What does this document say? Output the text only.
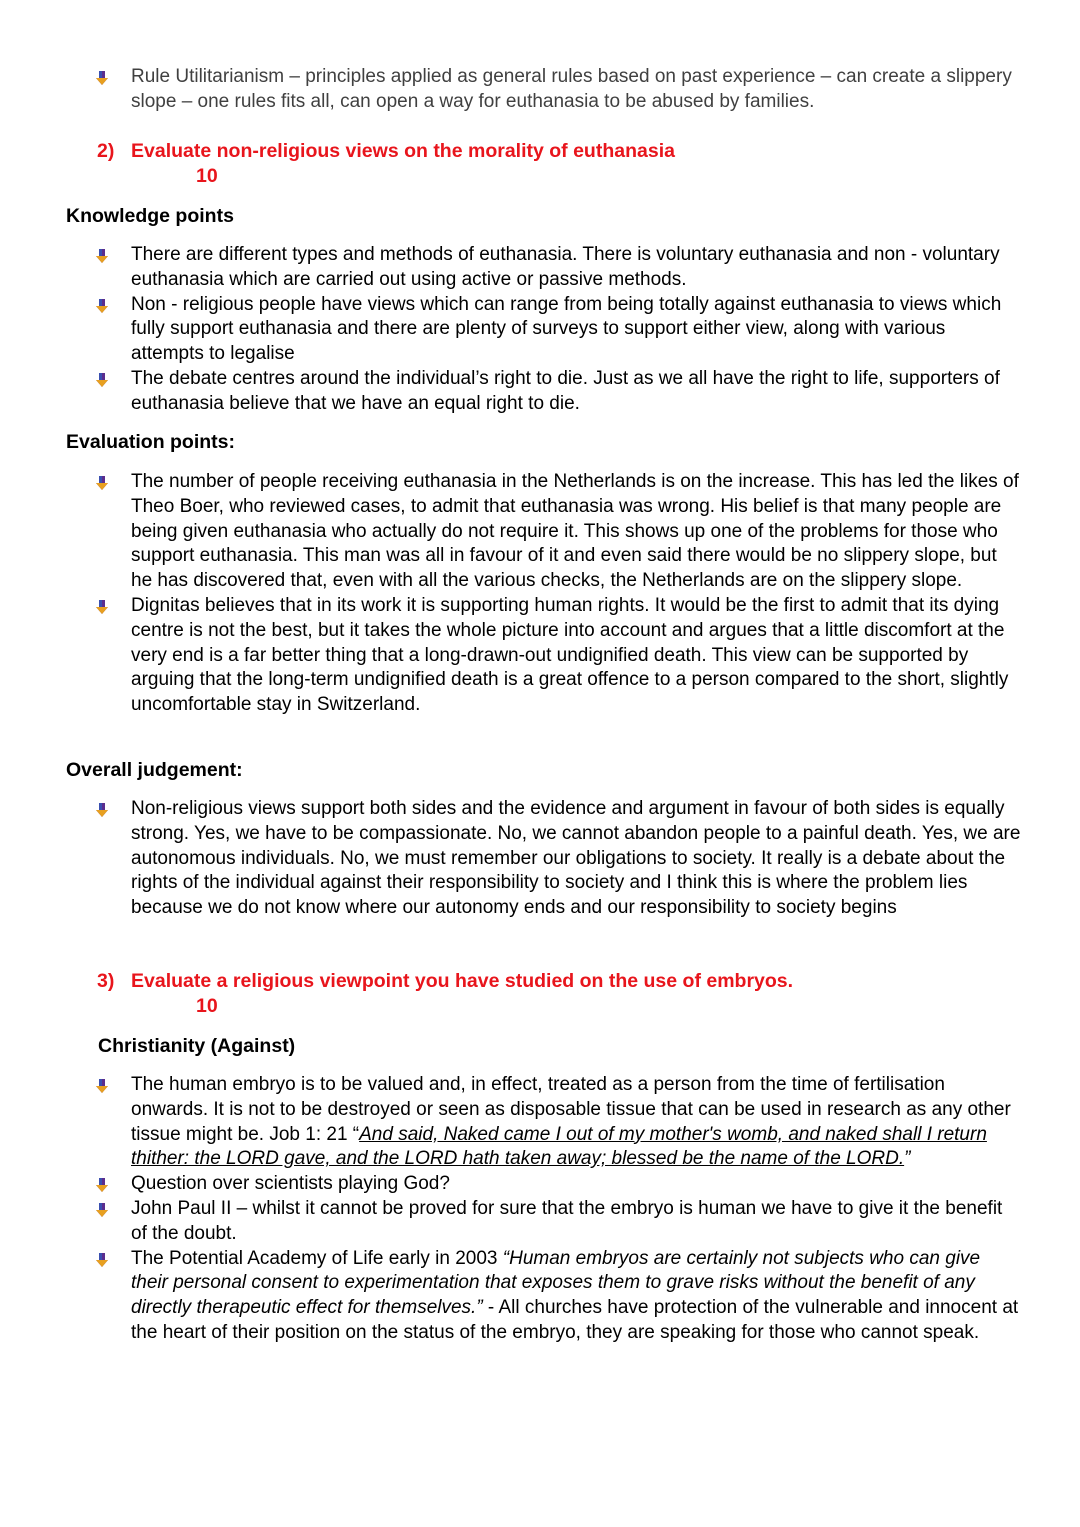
Rule Utilitarianism – principles applied as general rules based on past experience – can create a slippery slope – one rules fits all, can open a way for euthanasia to be abused by families.
2) Evaluate non-religious views on the morality of euthanasia
10
Knowledge points
There are different types and methods of euthanasia. There is voluntary euthanasia and non - voluntary euthanasia which are carried out using active or passive methods.
Non - religious people have views which can range from being totally against euthanasia to views which fully support euthanasia and there are plenty of surveys to support either view, along with various attempts to legalise
The debate centres around the individual’s right to die. Just as we all have the right to life, supporters of euthanasia believe that we have an equal right to die.
Evaluation points:
The number of people receiving euthanasia in the Netherlands is on the increase. This has led the likes of Theo Boer, who reviewed cases, to admit that euthanasia was wrong. His belief is that many people are being given euthanasia who actually do not require it. This shows up one of the problems for those who support euthanasia. This man was all in favour of it and even said there would be no slippery slope, but he has discovered that, even with all the various checks, the Netherlands are on the slippery slope.
Dignitas believes that in its work it is supporting human rights. It would be the first to admit that its dying centre is not the best, but it takes the whole picture into account and argues that a little discomfort at the very end is a far better thing that a long-drawn-out undignified death. This view can be supported by arguing that the long-term undignified death is a great offence to a person compared to the short, slightly uncomfortable stay in Switzerland.
Overall judgement:
Non-religious views support both sides and the evidence and argument in favour of both sides is equally strong. Yes, we have to be compassionate. No, we cannot abandon people to a painful death. Yes, we are autonomous individuals. No, we must remember our obligations to society. It really is a debate about the rights of the individual against their responsibility to society and I think this is where the problem lies because we do not know where our autonomy ends and our responsibility to society begins
3) Evaluate a religious viewpoint you have studied on the use of embryos.
10
Christianity (Against)
The human embryo is to be valued and, in effect, treated as a person from the time of fertilisation onwards. It is not to be destroyed or seen as disposable tissue that can be used in research as any other tissue might be. Job 1: 21 “And said, Naked came I out of my mother's womb, and naked shall I return thither: the LORD gave, and the LORD hath taken away; blessed be the name of the LORD.”
Question over scientists playing God?
John Paul II – whilst it cannot be proved for sure that the embryo is human we have to give it the benefit of the doubt.
The Potential Academy of Life early in 2003 “Human embryos are certainly not subjects who can give their personal consent to experimentation that exposes them to grave risks without the benefit of any directly therapeutic effect for themselves.” - All churches have protection of the vulnerable and innocent at the heart of their position on the status of the embryo, they are speaking for those who cannot speak.
